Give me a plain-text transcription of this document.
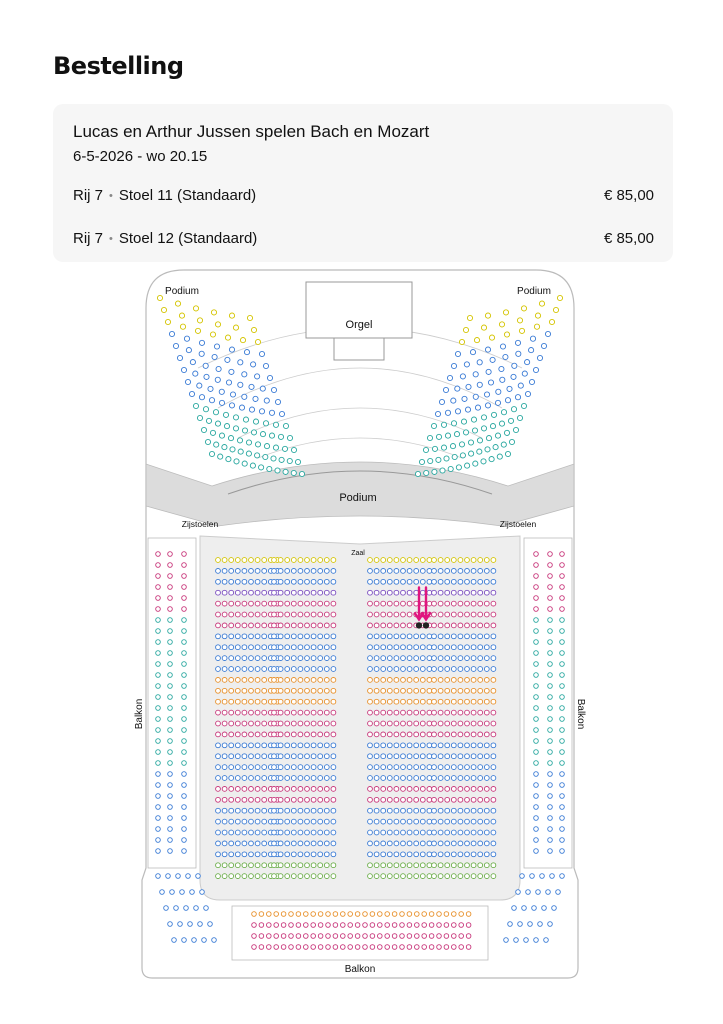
Bestelling
Lucas en Arthur Jussen spelen Bach en Mozart
6-5-2026 - wo 20.15
Rij 7 • Stoel 11 (Standaard)	€ 85,00
Rij 7 • Stoel 12 (Standaard)	€ 85,00
Podium	Podium
Orgel
Podium
Zijstoelen	Zijstoelen
Zaal
Balkon	Balkon
Balkon
